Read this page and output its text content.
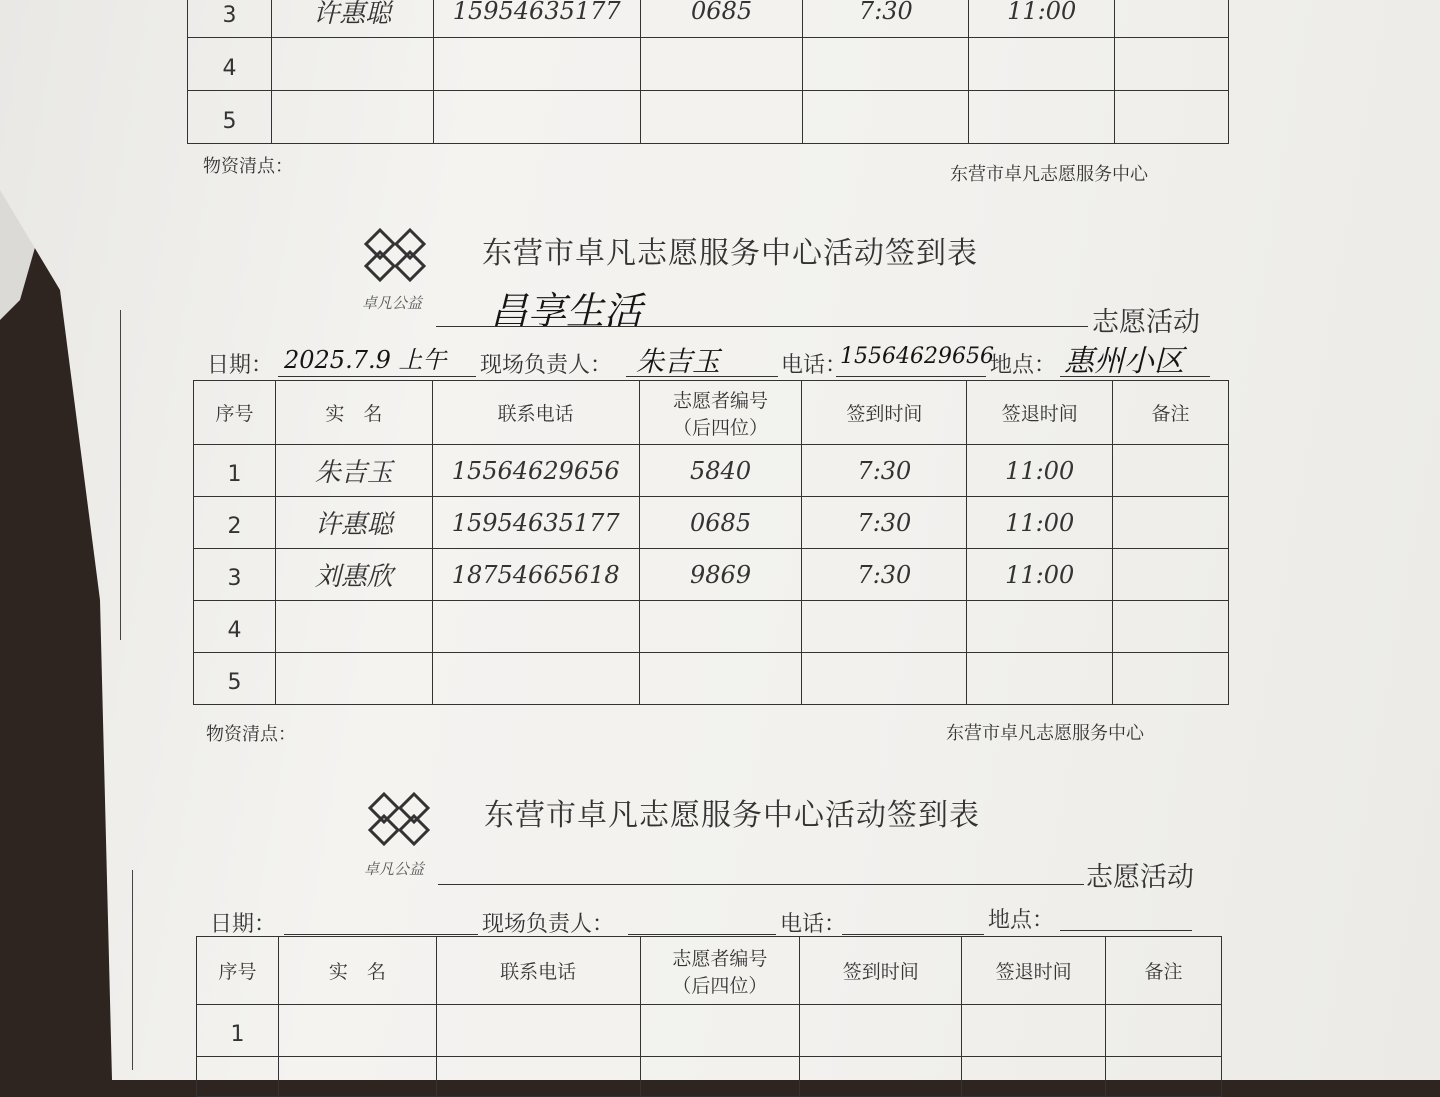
3	许惠聪	15954635177	0685	7:30	11:00	
4						
5						
物资清点：	东营市卓凡志愿服务中心
卓凡公益
东营市卓凡志愿服务中心活动签到表
昌享生活	志愿活动
日期： 2025.7.9 上午 现场负责人： 朱吉玉	电话：
15564629656
地点： 惠州小区
序号	实　名	联系电话	志愿者编号
（后四位）	签到时间	签退时间	备注
1	朱吉玉	15564629656	5840	7:30	11:00	
2	许惠聪	15954635177	0685	7:30	11:00	
3	刘惠欣	18754665618	9869	7:30	11:00	
4						
5						
物资清点：	东营市卓凡志愿服务中心
卓凡公益
东营市卓凡志愿服务中心活动签到表
志愿活动
日期：	现场负责人：	电话：	地点：
序号	实　名	联系电话	志愿者编号
（后四位）	签到时间	签退时间	备注
1						
